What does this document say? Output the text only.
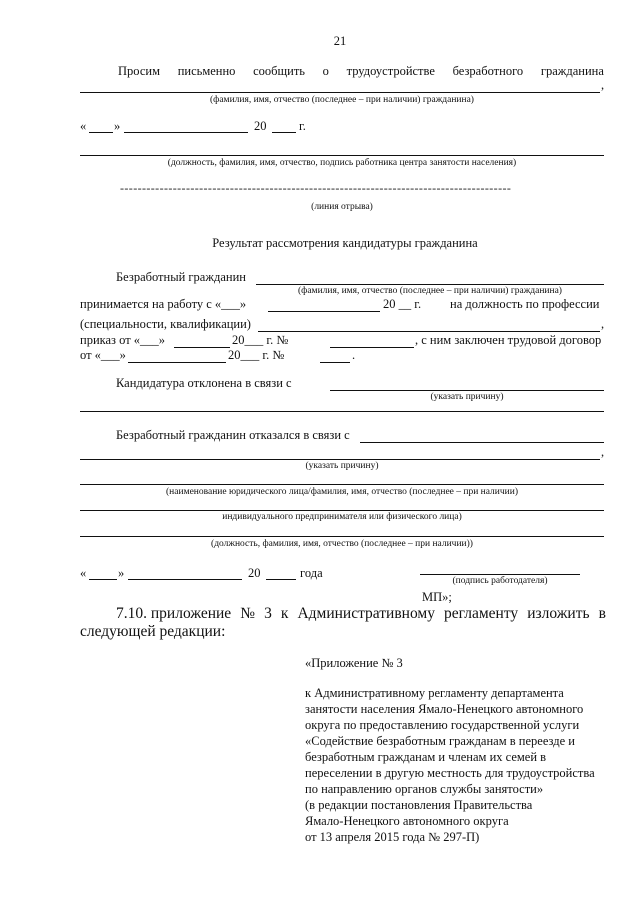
21
Просим письменно сообщить о трудоустройстве безработного гражданина
,
(фамилия, имя, отчество (последнее – при наличии) гражданина)
« »	20	г.
(должность, фамилия, имя, отчество, подпись работника центра занятости населения)
-----------------------------------------------------------------------------------------
(линия отрыва)
Результат рассмотрения кандидатуры гражданина
Безработный гражданин
(фамилия, имя, отчество (последнее – при наличии) гражданина)
принимается на работу с «___»	20 __ г. на должность по профессии
(специальности, квалификации)	,
приказ от «___»	20___ г. №	, с ним заключен трудовой договор
от «___»	20___ г. №	.
Кандидатура отклонена в связи с
(указать причину)
Безработный гражданин отказался в связи с
,
(указать причину)
(наименование юридического лица/фамилия, имя, отчество (последнее – при наличии)
индивидуального предпринимателя или физического лица)
(должность, фамилия, имя, отчество (последнее – при наличии))
«	»	20	года
(подпись работодателя)
МП»;
7.10. приложение № 3 к Административному регламенту изложить в
следующей редакции:
«Приложение № 3
к Административному регламенту департамента
занятости населения Ямало-Ненецкого автономного
округа по предоставлению государственной услуги
«Содействие безработным гражданам в переезде и
безработным гражданам и членам их семей в
переселении в другую местность для трудоустройства
по направлению органов службы занятости»
(в редакции постановления Правительства
Ямало-Ненецкого автономного округа
от 13 апреля 2015 года № 297-П)
